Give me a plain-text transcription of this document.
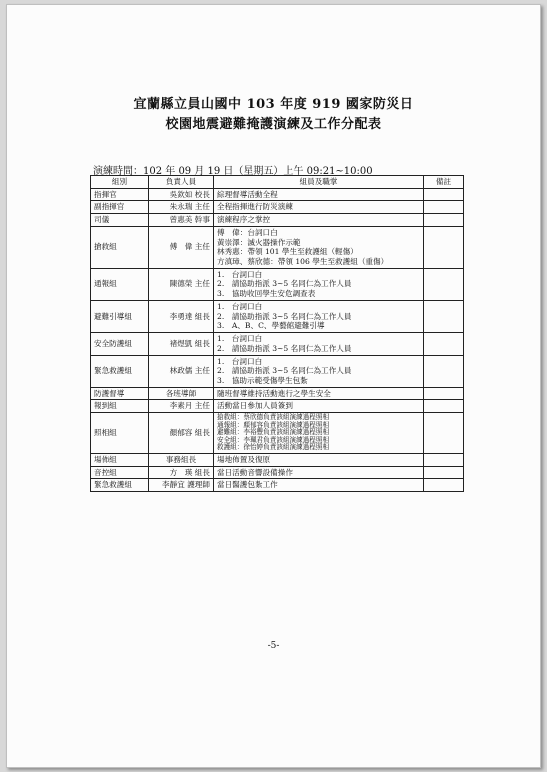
宜蘭縣立員山國中 103 年度 919 國家防災日
校園地震避難掩護演練及工作分配表
演練時間：102 年 09 月 19 日（星期五）上午 09:21~10:00
組別	負責人員	組員及職掌	備註
指揮官	吳欽如 校長	綜理督導活動全程	

副指揮官	朱永瑞 主任	全程指揮進行防災演練	

司儀	曾惠美 幹事	演練程序之掌控	

搶救組	傅　偉 主任	傅　偉：台詞口白
黃崇澤：滅火器操作示範
林秀惠：帶領 101 學生至救護組（輕傷）
方滇璋、蔡欣德：帶領 106 學生至救護組（重傷）	

通報組	陳德榮 主任	1.　台詞口白
2.　請協助指派 3~5 名同仁為工作人員
3.　協助收回學生安危調查表	

避難引導組	李勇達 組長	1.　台詞口白
2.　請協助指派 3~5 名同仁為工作人員
3.　A、B、C、學藝館避難引導	

安全防護組	褚煜凱 組長	1.　台詞口白
2.　請協助指派 3~5 名同仁為工作人員	

緊急救護組	林政儒 主任	1.　台詞口白
2.　請協助指派 3~5 名同仁為工作人員
3.　協助示範受傷學生包紮	

防護督導	各班導師	隨班督導維持活動進行之學生安全	

報到組	李素月 主任	活動當日參加人員簽到	

照相組	顏郁容 組長	搶救組：蔡欣德負責該組演練過程照相
通報組：顏郁容負責該組演練過程照相
避難組：李裕豐負責該組演練過程照相
安全組：李珮君負責該組演練過程照相
救護組：徐怡婷負責該組演練過程照相	

場佈組	事務組長	場地佈置及復原	

音控組	方　瑛 組長	當日活動音響設備操作	

緊急救護組	李靜宜 護理師	當日醫護包紮工作	

-5-
